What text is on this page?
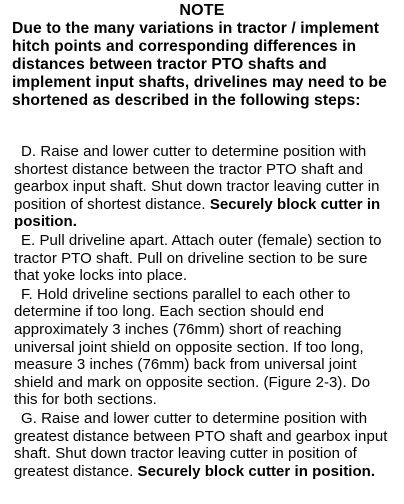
NOTE
Due to the many variations in tractor / implement hitch points and corresponding differences in distances between tractor PTO shafts and implement input shafts, drivelines may need to be shortened as described in the following steps:

D. Raise and lower cutter to determine position with shortest distance between the tractor PTO shaft and gearbox input shaft. Shut down tractor leaving cutter in position of shortest distance. Securely block cutter in position.

E. Pull driveline apart. Attach outer (female) section to tractor PTO shaft. Pull on driveline section to be sure that yoke locks into place.

F. Hold driveline sections parallel to each other to determine if too long. Each section should end approximately 3 inches (76mm) short of reaching universal joint shield on opposite section. If too long, measure 3 inches (76mm) back from universal joint shield and mark on opposite section. (Figure 2-3). Do this for both sections.

G. Raise and lower cutter to determine position with greatest distance between PTO shaft and gearbox input shaft. Shut down tractor leaving cutter in position of greatest distance. Securely block cutter in position.
